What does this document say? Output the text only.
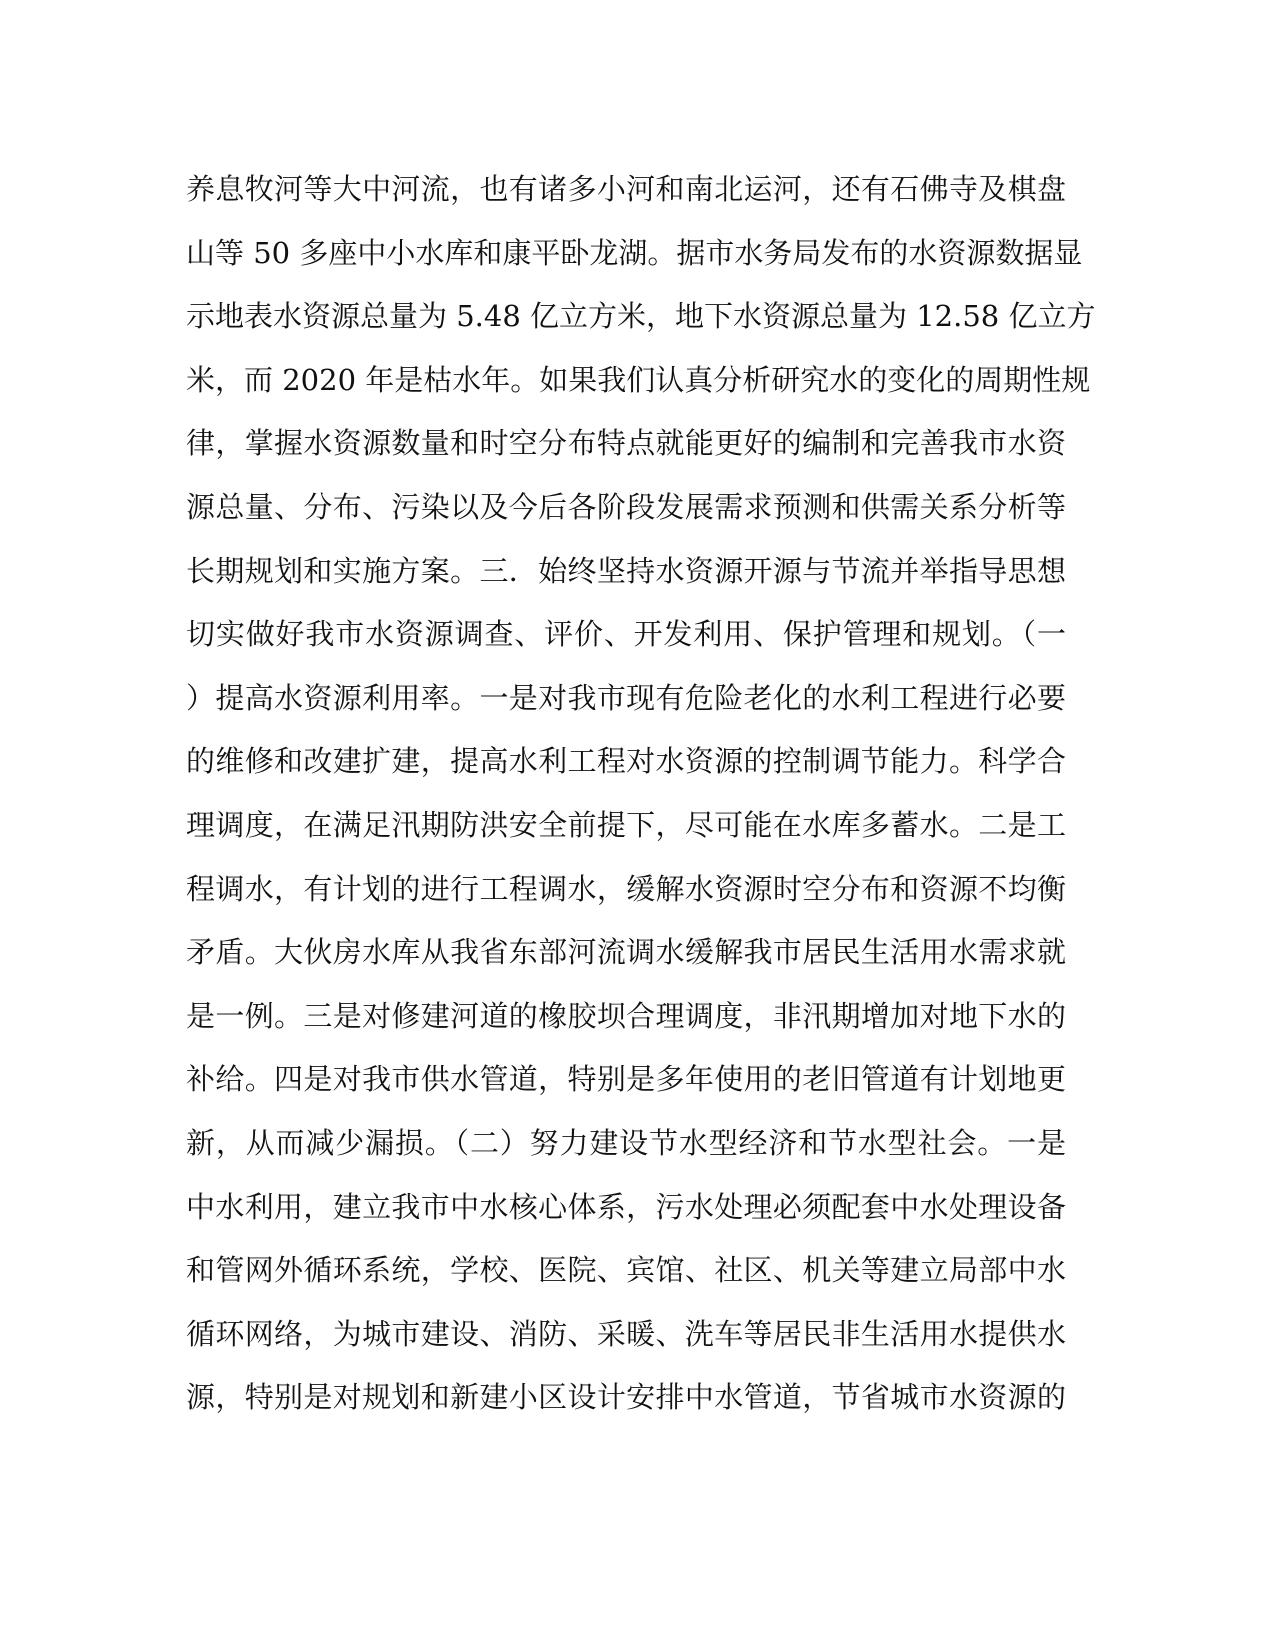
养息牧河等大中河流，也有诸多小河和南北运河，还有石佛寺及棋盘
山等 50 多座中小水库和康平卧龙湖。据市水务局发布的水资源数据显
示地表水资源总量为 5.48 亿立方米，地下水资源总量为 12.58 亿立方
米，而 2020 年是枯水年。如果我们认真分析研究水的变化的周期性规
律，掌握水资源数量和时空分布特点就能更好的编制和完善我市水资
源总量、分布、污染以及今后各阶段发展需求预测和供需关系分析等
长期规划和实施方案。三．始终坚持水资源开源与节流并举指导思想
切实做好我市水资源调查、评价、开发利用、保护管理和规划。（一
）提高水资源利用率。一是对我市现有危险老化的水利工程进行必要
的维修和改建扩建，提高水利工程对水资源的控制调节能力。科学合
理调度，在满足汛期防洪安全前提下，尽可能在水库多蓄水。二是工
程调水，有计划的进行工程调水，缓解水资源时空分布和资源不均衡
矛盾。大伙房水库从我省东部河流调水缓解我市居民生活用水需求就
是一例。三是对修建河道的橡胶坝合理调度，非汛期增加对地下水的
补给。四是对我市供水管道，特别是多年使用的老旧管道有计划地更
新，从而减少漏损。（二）努力建设节水型经济和节水型社会。一是
中水利用，建立我市中水核心体系，污水处理必须配套中水处理设备
和管网外循环系统，学校、医院、宾馆、社区、机关等建立局部中水
循环网络，为城市建设、消防、采暖、洗车等居民非生活用水提供水
源，特别是对规划和新建小区设计安排中水管道，节省城市水资源的
